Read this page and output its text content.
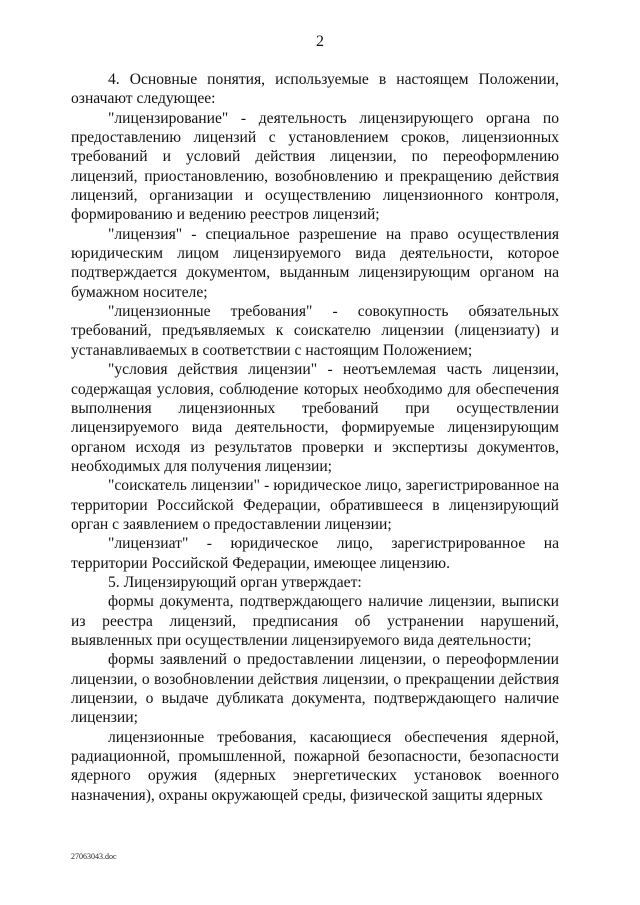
2

4. Основные понятия, используемые в настоящем Положении, означают следующее:

"лицензирование" - деятельность лицензирующего органа по предоставлению лицензий с установлением сроков, лицензионных требований и условий действия лицензии, по переоформлению лицензий, приостановлению, возобновлению и прекращению действия лицензий, организации и осуществлению лицензионного контроля, формированию и ведению реестров лицензий;

"лицензия" - специальное разрешение на право осуществления юридическим лицом лицензируемого вида деятельности, которое подтверждается документом, выданным лицензирующим органом на бумажном носителе;

"лицензионные требования" - совокупность обязательных требований, предъявляемых к соискателю лицензии (лицензиату) и устанавливаемых в соответствии с настоящим Положением;

"условия действия лицензии" - неотъемлемая часть лицензии, содержащая условия, соблюдение которых необходимо для обеспечения выполнения лицензионных требований при осуществлении лицензируемого вида деятельности, формируемые лицензирующим органом исходя из результатов проверки и экспертизы документов, необходимых для получения лицензии;

"соискатель лицензии" - юридическое лицо, зарегистрированное на территории Российской Федерации, обратившееся в лицензирующий орган с заявлением о предоставлении лицензии;

"лицензиат" - юридическое лицо, зарегистрированное на территории Российской Федерации, имеющее лицензию.

5. Лицензирующий орган утверждает:

формы документа, подтверждающего наличие лицензии, выписки из реестра лицензий, предписания об устранении нарушений, выявленных при осуществлении лицензируемого вида деятельности;

формы заявлений о предоставлении лицензии, о переоформлении лицензии, о возобновлении действия лицензии, о прекращении действия лицензии, о выдаче дубликата документа, подтверждающего наличие лицензии;

лицензионные требования, касающиеся обеспечения ядерной, радиационной, промышленной, пожарной безопасности, безопасности ядерного оружия (ядерных энергетических установок военного назначения), охраны окружающей среды, физической защиты ядерных

27063043.doc
